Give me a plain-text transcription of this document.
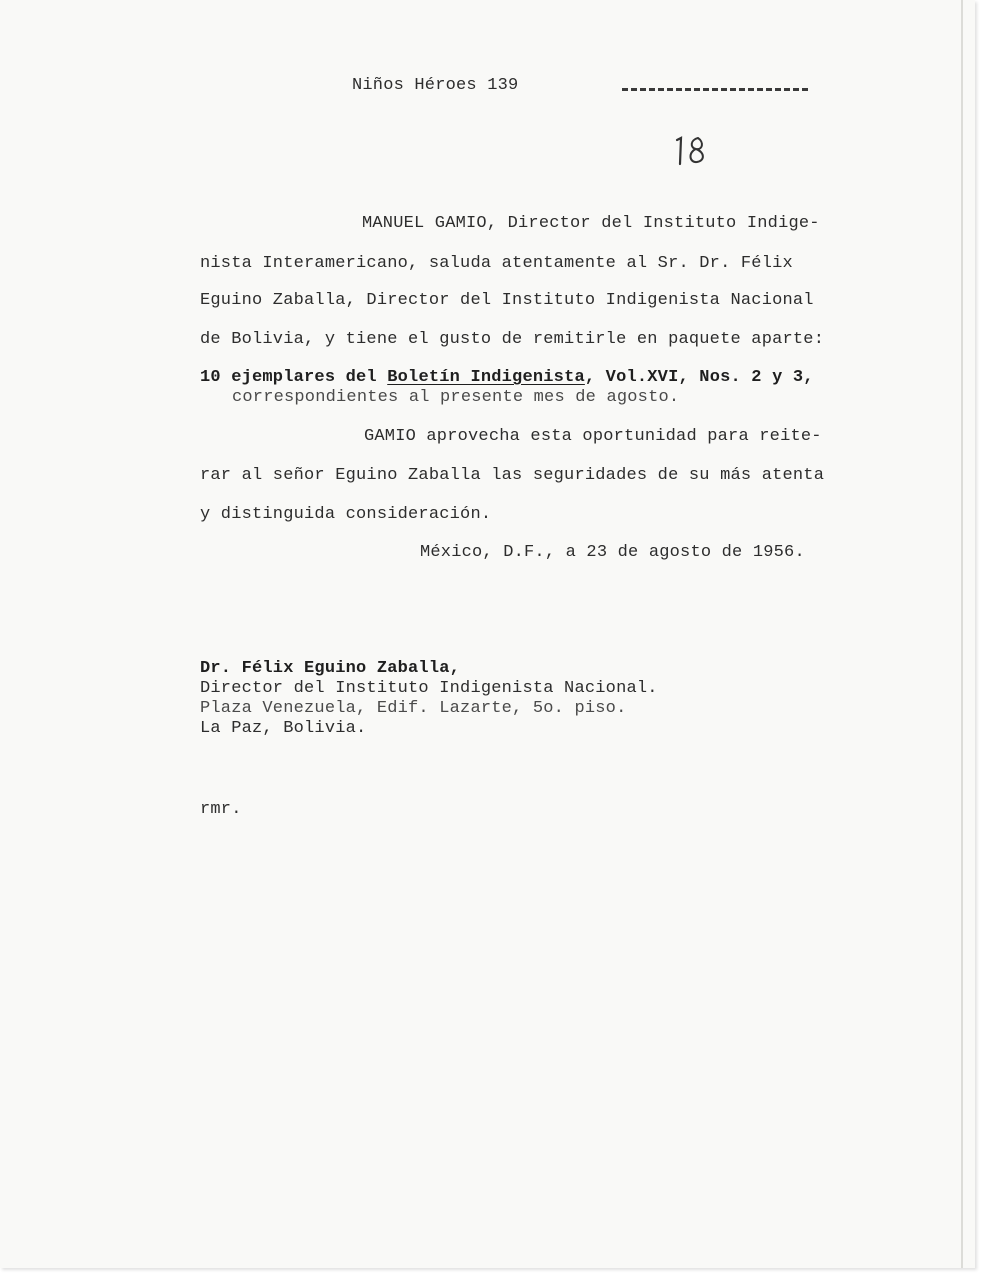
Niños Héroes 139
MANUEL GAMIO, Director del Instituto Indige-
nista Interamericano, saluda atentamente al Sr. Dr. Félix
Eguino Zaballa, Director del Instituto Indigenista Nacional
de Bolivia, y tiene el gusto de remitirle en paquete aparte:
10 ejemplares del Boletín Indigenista, Vol.XVI, Nos. 2 y 3,
correspondientes al presente mes de agosto.
GAMIO aprovecha esta oportunidad para reite-
rar al señor Eguino Zaballa las seguridades de su más atenta
y distinguida consideración.
México, D.F., a 23 de agosto de 1956.
Dr. Félix Eguino Zaballa,
Director del Instituto Indigenista Nacional.
Plaza Venezuela, Edif. Lazarte, 5o. piso.
La Paz, Bolivia.
rmr.
